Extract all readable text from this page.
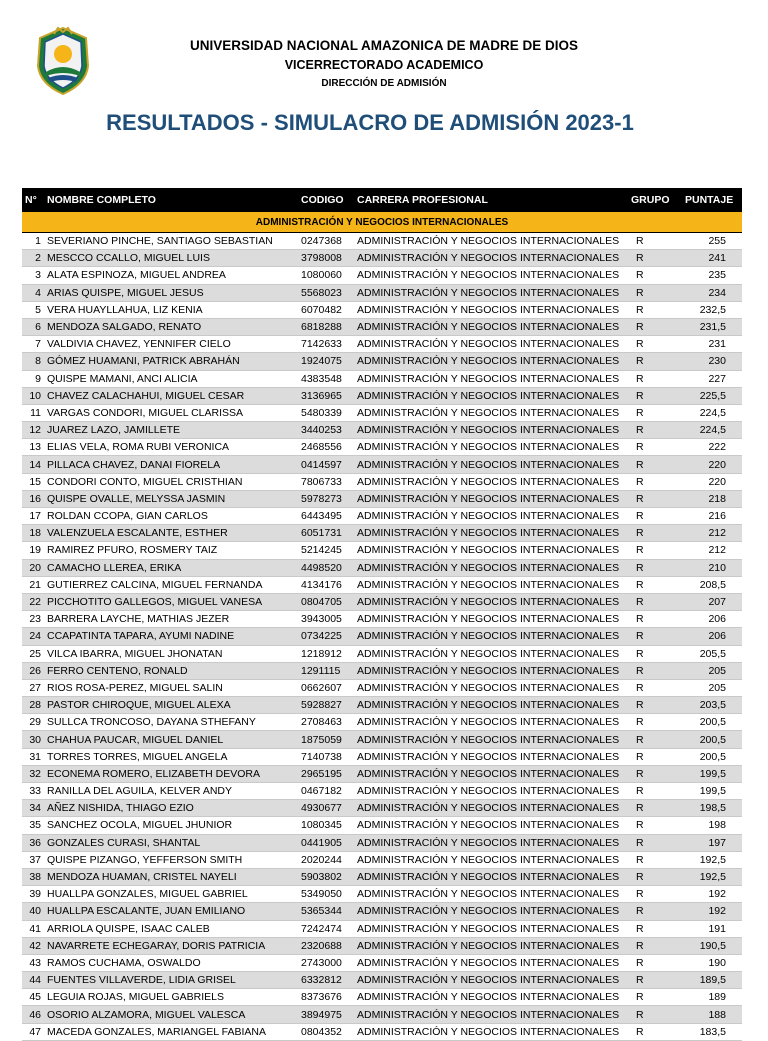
UNIVERSIDAD NACIONAL AMAZONICA DE MADRE DE DIOS
VICERRECTORADO ACADEMICO
DIRECCIÓN DE ADMISIÓN
RESULTADOS - SIMULACRO DE ADMISIÓN 2023-1
N°	NOMBRE COMPLETO	CODIGO	CARRERA PROFESIONAL	GRUPO	PUNTAJE
ADMINISTRACIÓN Y NEGOCIOS INTERNACIONALES					
1	SEVERIANO PINCHE, SANTIAGO SEBASTIAN	0247368	ADMINISTRACIÓN Y NEGOCIOS INTERNACIONALES	R	255
2	MESCCO CCALLO, MIGUEL LUIS	3798008	ADMINISTRACIÓN Y NEGOCIOS INTERNACIONALES	R	241
3	ALATA ESPINOZA, MIGUEL ANDREA	1080060	ADMINISTRACIÓN Y NEGOCIOS INTERNACIONALES	R	235
4	ARIAS QUISPE, MIGUEL JESUS	5568023	ADMINISTRACIÓN Y NEGOCIOS INTERNACIONALES	R	234
5	VERA HUAYLLAHUA, LIZ KENIA	6070482	ADMINISTRACIÓN Y NEGOCIOS INTERNACIONALES	R	232,5
6	MENDOZA SALGADO, RENATO	6818288	ADMINISTRACIÓN Y NEGOCIOS INTERNACIONALES	R	231,5
7	VALDIVIA CHAVEZ, YENNIFER CIELO	7142633	ADMINISTRACIÓN Y NEGOCIOS INTERNACIONALES	R	231
8	GÓMEZ HUAMANI, PATRICK ABRAHÁN	1924075	ADMINISTRACIÓN Y NEGOCIOS INTERNACIONALES	R	230
9	QUISPE MAMANI, ANCI ALICIA	4383548	ADMINISTRACIÓN Y NEGOCIOS INTERNACIONALES	R	227
10	CHAVEZ CALACHAHUI, MIGUEL CESAR	3136965	ADMINISTRACIÓN Y NEGOCIOS INTERNACIONALES	R	225,5
11	VARGAS CONDORI, MIGUEL CLARISSA	5480339	ADMINISTRACIÓN Y NEGOCIOS INTERNACIONALES	R	224,5
12	JUAREZ LAZO, JAMILLETE	3440253	ADMINISTRACIÓN Y NEGOCIOS INTERNACIONALES	R	224,5
13	ELIAS VELA, ROMA RUBI VERONICA	2468556	ADMINISTRACIÓN Y NEGOCIOS INTERNACIONALES	R	222
14	PILLACA CHAVEZ, DANAI FIORELA	0414597	ADMINISTRACIÓN Y NEGOCIOS INTERNACIONALES	R	220
15	CONDORI CONTO, MIGUEL CRISTHIAN	7806733	ADMINISTRACIÓN Y NEGOCIOS INTERNACIONALES	R	220
16	QUISPE OVALLE, MELYSSA JASMIN	5978273	ADMINISTRACIÓN Y NEGOCIOS INTERNACIONALES	R	218
17	ROLDAN CCOPA, GIAN CARLOS	6443495	ADMINISTRACIÓN Y NEGOCIOS INTERNACIONALES	R	216
18	VALENZUELA ESCALANTE, ESTHER	6051731	ADMINISTRACIÓN Y NEGOCIOS INTERNACIONALES	R	212
19	RAMIREZ PFURO, ROSMERY TAIZ	5214245	ADMINISTRACIÓN Y NEGOCIOS INTERNACIONALES	R	212
20	CAMACHO LLEREA, ERIKA	4498520	ADMINISTRACIÓN Y NEGOCIOS INTERNACIONALES	R	210
21	GUTIERREZ CALCINA, MIGUEL FERNANDA	4134176	ADMINISTRACIÓN Y NEGOCIOS INTERNACIONALES	R	208,5
22	PICCHOTITO GALLEGOS, MIGUEL VANESA	0804705	ADMINISTRACIÓN Y NEGOCIOS INTERNACIONALES	R	207
23	BARRERA LAYCHE, MATHIAS JEZER	3943005	ADMINISTRACIÓN Y NEGOCIOS INTERNACIONALES	R	206
24	CCAPATINTA TAPARA, AYUMI NADINE	0734225	ADMINISTRACIÓN Y NEGOCIOS INTERNACIONALES	R	206
25	VILCA IBARRA, MIGUEL JHONATAN	1218912	ADMINISTRACIÓN Y NEGOCIOS INTERNACIONALES	R	205,5
26	FERRO CENTENO, RONALD	1291115	ADMINISTRACIÓN Y NEGOCIOS INTERNACIONALES	R	205
27	RIOS ROSA-PEREZ, MIGUEL SALIN	0662607	ADMINISTRACIÓN Y NEGOCIOS INTERNACIONALES	R	205
28	PASTOR CHIROQUE, MIGUEL ALEXA	5928827	ADMINISTRACIÓN Y NEGOCIOS INTERNACIONALES	R	203,5
29	SULLCA TRONCOSO, DAYANA STHEFANY	2708463	ADMINISTRACIÓN Y NEGOCIOS INTERNACIONALES	R	200,5
30	CHAHUA PAUCAR, MIGUEL DANIEL	1875059	ADMINISTRACIÓN Y NEGOCIOS INTERNACIONALES	R	200,5
31	TORRES TORRES, MIGUEL ANGELA	7140738	ADMINISTRACIÓN Y NEGOCIOS INTERNACIONALES	R	200,5
32	ECONEMA ROMERO, ELIZABETH DEVORA	2965195	ADMINISTRACIÓN Y NEGOCIOS INTERNACIONALES	R	199,5
33	RANILLA DEL AGUILA, KELVER ANDY	0467182	ADMINISTRACIÓN Y NEGOCIOS INTERNACIONALES	R	199,5
34	AÑEZ NISHIDA, THIAGO EZIO	4930677	ADMINISTRACIÓN Y NEGOCIOS INTERNACIONALES	R	198,5
35	SANCHEZ OCOLA, MIGUEL JHUNIOR	1080345	ADMINISTRACIÓN Y NEGOCIOS INTERNACIONALES	R	198
36	GONZALES CURASI, SHANTAL	0441905	ADMINISTRACIÓN Y NEGOCIOS INTERNACIONALES	R	197
37	QUISPE PIZANGO, YEFFERSON SMITH	2020244	ADMINISTRACIÓN Y NEGOCIOS INTERNACIONALES	R	192,5
38	MENDOZA HUAMAN, CRISTEL NAYELI	5903802	ADMINISTRACIÓN Y NEGOCIOS INTERNACIONALES	R	192,5
39	HUALLPA GONZALES, MIGUEL GABRIEL	5349050	ADMINISTRACIÓN Y NEGOCIOS INTERNACIONALES	R	192
40	HUALLPA ESCALANTE, JUAN EMILIANO	5365344	ADMINISTRACIÓN Y NEGOCIOS INTERNACIONALES	R	192
41	ARRIOLA QUISPE, ISAAC CALEB	7242474	ADMINISTRACIÓN Y NEGOCIOS INTERNACIONALES	R	191
42	NAVARRETE ECHEGARAY, DORIS PATRICIA	2320688	ADMINISTRACIÓN Y NEGOCIOS INTERNACIONALES	R	190,5
43	RAMOS CUCHAMA, OSWALDO	2743000	ADMINISTRACIÓN Y NEGOCIOS INTERNACIONALES	R	190
44	FUENTES VILLAVERDE, LIDIA GRISEL	6332812	ADMINISTRACIÓN Y NEGOCIOS INTERNACIONALES	R	189,5
45	LEGUIA ROJAS, MIGUEL GABRIELS	8373676	ADMINISTRACIÓN Y NEGOCIOS INTERNACIONALES	R	189
46	OSORIO ALZAMORA, MIGUEL VALESCA	3894975	ADMINISTRACIÓN Y NEGOCIOS INTERNACIONALES	R	188
47	MACEDA GONZALES, MARIANGEL FABIANA	0804352	ADMINISTRACIÓN Y NEGOCIOS INTERNACIONALES	R	183,5
